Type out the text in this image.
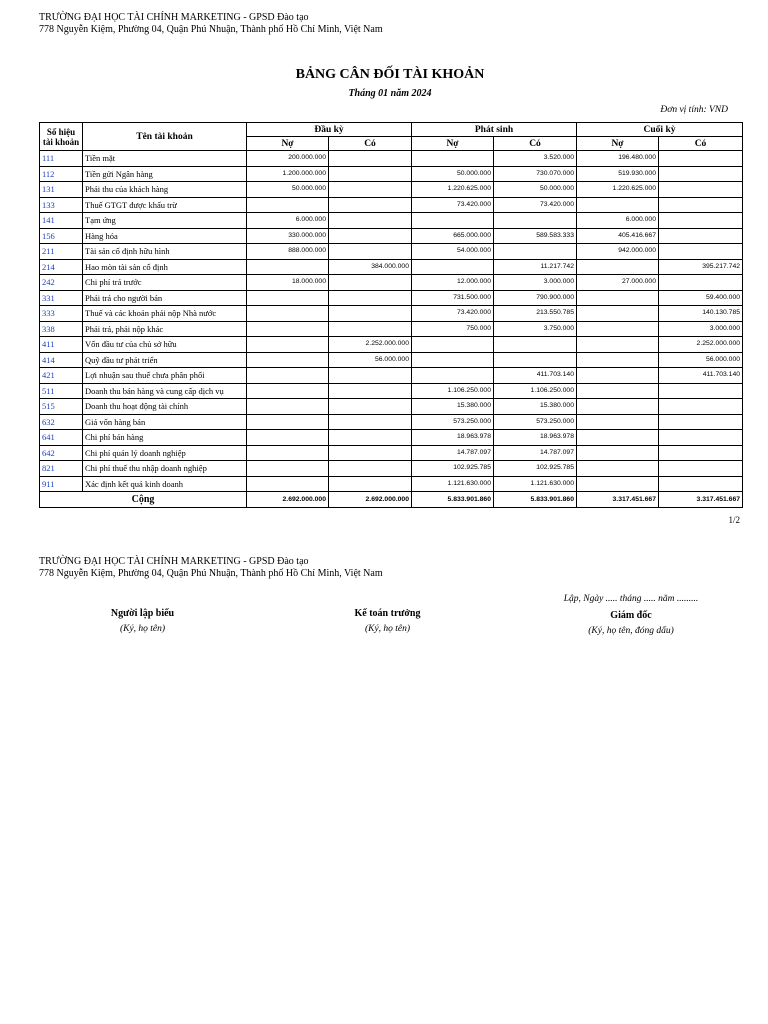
TRƯỜNG ĐẠI HỌC TÀI CHÍNH MARKETING - GPSD Đào tạo
778 Nguyễn Kiệm, Phường 04, Quận Phú Nhuận, Thành phố Hồ Chí Minh, Việt Nam
BẢNG CÂN ĐỐI TÀI KHOẢN
Tháng 01 năm 2024
Đơn vị tính: VND
Số hiệu tài khoản	Tên tài khoản	Đầu kỳ		Phát sinh		Cuối kỳ	
		Nợ	Có	Nợ	Có	Nợ	Có
111	Tiền mặt	200.000.000			3.520.000	196.480.000	
112	Tiền gửi Ngân hàng	1.200.000.000		50.000.000	730.070.000	519.930.000	
131	Phải thu của khách hàng	50.000.000		1.220.625.000	50.000.000	1.220.625.000	
133	Thuế GTGT được khấu trừ			73.420.000	73.420.000		
141	Tạm ứng	6.000.000				6.000.000	
156	Hàng hóa	330.000.000		665.000.000	589.583.333	405.416.667	
211	Tài sản cố định hữu hình	888.000.000		54.000.000		942.000.000	
214	Hao mòn tài sản cố định		384.000.000		11.217.742		395.217.742
242	Chi phí trả trước	18.000.000		12.000.000	3.000.000	27.000.000	
331	Phải trả cho người bán			731.500.000	790.900.000		59.400.000
333	Thuế và các khoản phải nộp Nhà nước			73.420.000	213.550.785		140.130.785
338	Phải trả, phải nộp khác			750.000	3.750.000		3.000.000
411	Vốn đầu tư của chủ sở hữu		2.252.000.000				2.252.000.000
414	Quỹ đầu tư phát triển		56.000.000				56.000.000
421	Lợi nhuận sau thuế chưa phân phối				411.703.140		411.703.140
511	Doanh thu bán hàng và cung cấp dịch vụ			1.106.250.000	1.106.250.000		
515	Doanh thu hoạt động tài chính			15.380.000	15.380.000		
632	Giá vốn hàng bán			573.250.000	573.250.000		
641	Chi phí bán hàng			18.963.978	18.963.978		
642	Chi phí quản lý doanh nghiệp			14.787.097	14.787.097		
821	Chi phí thuế thu nhập doanh nghiệp			102.925.785	102.925.785		
911	Xác định kết quả kinh doanh			1.121.630.000	1.121.630.000		
Cộng		2.692.000.000	2.692.000.000	5.833.901.860	5.833.901.860	3.317.451.667	3.317.451.667
1/2
TRƯỜNG ĐẠI HỌC TÀI CHÍNH MARKETING - GPSD Đào tạo
778 Nguyễn Kiệm, Phường 04, Quận Phú Nhuận, Thành phố Hồ Chí Minh, Việt Nam
Lập, Ngày ..... tháng ..... năm .........
Người lập biểu
(Ký, họ tên)
Kế toán trưởng
(Ký, họ tên)
Giám đốc
(Ký, họ tên, đóng dấu)
